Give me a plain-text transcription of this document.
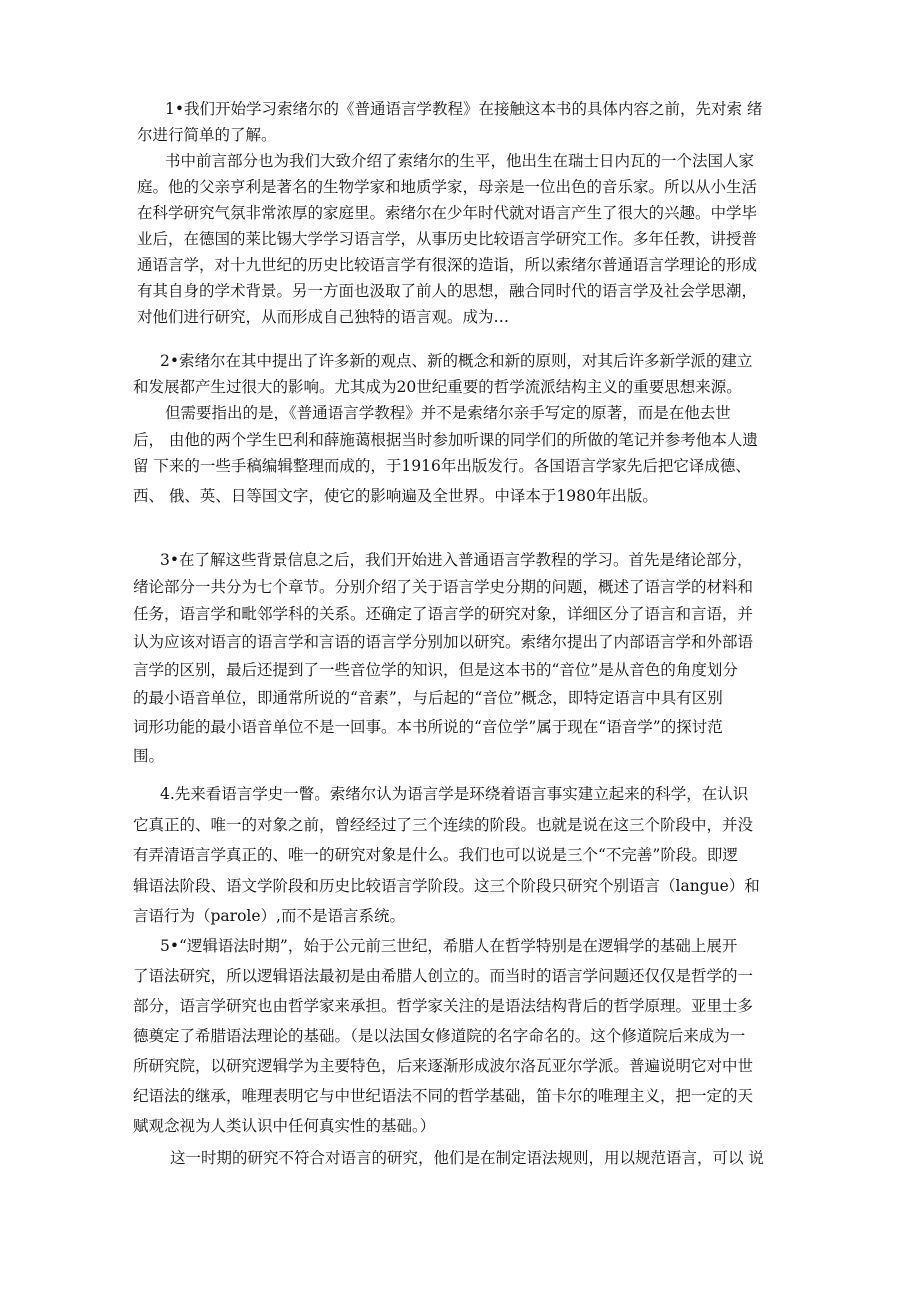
1•我们开始学习索绪尔的《普通语言学教程》在接触这本书的具体内容之前，先对索 绪
尔进行简单的了解。
书中前言部分也为我们大致介绍了索绪尔的生平，他出生在瑞士日内瓦的一个法国人家
庭。他的父亲亨利是著名的生物学家和地质学家，母亲是一位出色的音乐家。所以从小生活
在科学研究气氛非常浓厚的家庭里。索绪尔在少年时代就对语言产生了很大的兴趣。中学毕
业后，在德国的莱比锡大学学习语言学，从事历史比较语言学研究工作。多年任教，讲授普
通语言学，对十九世纪的历史比较语言学有很深的造诣，所以索绪尔普通语言学理论的形成
有其自身的学术背景。另一方面也汲取了前人的思想，融合同时代的语言学及社会学思潮，
对他们进行研究，从而形成自己独特的语言观。成为…
2•索绪尔在其中提出了许多新的观点、新的概念和新的原则，对其后许多新学派的建立
和发展都产生过很大的影响。尤其成为20世纪重要的哲学流派结构主义的重要思想来源。
但需要指出的是，《普通语言学教程》并不是索绪尔亲手写定的原著，而是在他去世
后， 由他的两个学生巴利和薛施蔼根据当时参加听课的同学们的所做的笔记并参考他本人遗
留 下来的一些手稿编辑整理而成的，于1916年出版发行。各国语言学家先后把它译成德、
西、 俄、英、日等国文字，使它的影响遍及全世界。中译本于1980年出版。
3•在了解这些背景信息之后，我们开始进入普通语言学教程的学习。首先是绪论部分，
绪论部分一共分为七个章节。分别介绍了关于语言学史分期的问题，概述了语言学的材料和
任务，语言学和毗邻学科的关系。还确定了语言学的研究对象，详细区分了语言和言语，并
认为应该对语言的语言学和言语的语言学分别加以研究。索绪尔提出了内部语言学和外部语
言学的区别，最后还提到了一些音位学的知识，但是这本书的“音位”是从音色的角度划分
的最小语音单位，即通常所说的“音素”，与后起的“音位”概念，即特定语言中具有区别
词形功能的最小语音单位不是一回事。本书所说的“音位学”属于现在“语音学”的探讨范
围。
4.先来看语言学史一瞥。索绪尔认为语言学是环绕着语言事实建立起来的科学，在认识
它真正的、唯一的对象之前，曾经经过了三个连续的阶段。也就是说在这三个阶段中，并没
有弄清语言学真正的、唯一的研究对象是什么。我们也可以说是三个“不完善”阶段。即逻
辑语法阶段、语文学阶段和历史比较语言学阶段。这三个阶段只研究个别语言（langue）和
言语行为（parole）,而不是语言系统。
5•“逻辑语法时期”，始于公元前三世纪，希腊人在哲学特别是在逻辑学的基础上展开
了语法研究，所以逻辑语法最初是由希腊人创立的。而当时的语言学问题还仅仅是哲学的一
部分，语言学研究也由哲学家来承担。哲学家关注的是语法结构背后的哲学原理。亚里士多
德奠定了希腊语法理论的基础。（是以法国女修道院的名字命名的。这个修道院后来成为一
所研究院，以研究逻辑学为主要特色，后来逐渐形成波尔洛瓦亚尔学派。普遍说明它对中世
纪语法的继承，唯理表明它与中世纪语法不同的哲学基础，笛卡尔的唯理主义，把一定的天
赋观念视为人类认识中任何真实性的基础。）
这一时期的研究不符合对语言的研究，他们是在制定语法规则，用以规范语言，可以 说
